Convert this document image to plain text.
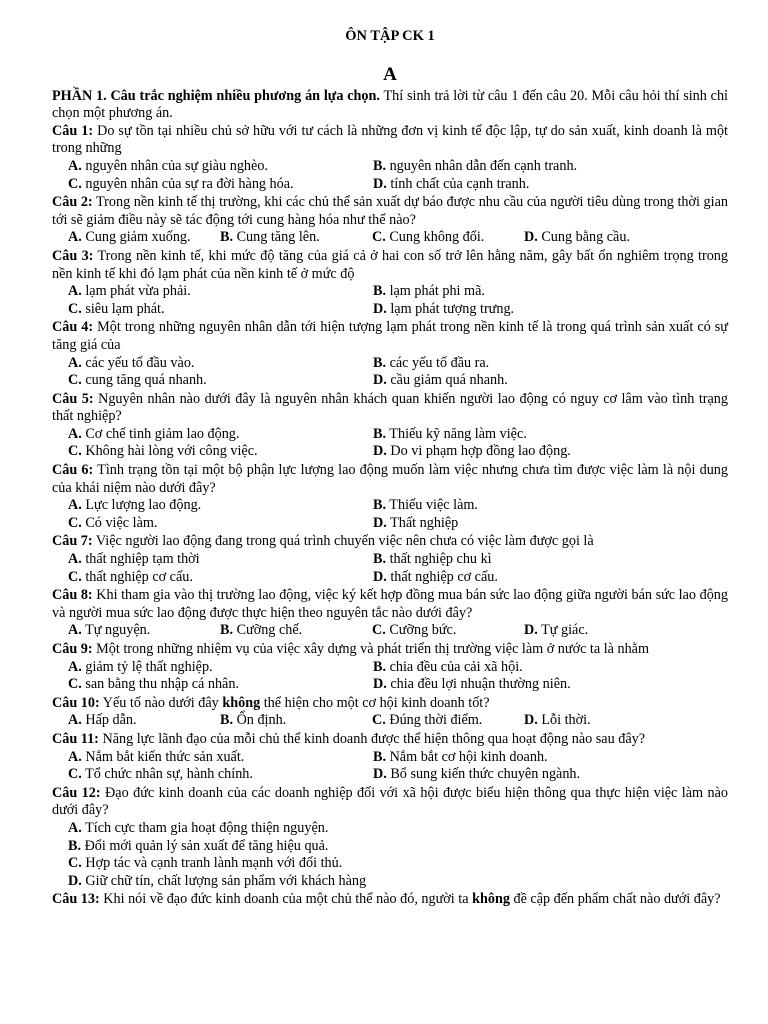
ÔN TẬP CK 1
A

PHẦN 1. Câu trắc nghiệm nhiều phương án lựa chọn. Thí sinh trả lời từ câu 1 đến câu 20. Mỗi câu hỏi thí sinh chỉ chọn một phương án.

Câu 1: Do sự tồn tại nhiều chủ sở hữu với tư cách là những đơn vị kinh tế độc lập, tự do sản xuất, kinh doanh là một trong những

A. nguyên nhân của sự giàu nghèo.	B. nguyên nhân dẫn đến cạnh tranh.
C. nguyên nhân của sự ra đời hàng hóa.	D. tính chất của cạnh tranh.

Câu 2: Trong nền kinh tế thị trường, khi các chủ thể sản xuất dự báo được nhu cầu của người tiêu dùng trong thời gian tới sẽ giảm điều này sẽ tác động tới cung hàng hóa như thế nào?

A. Cung giảm xuống.	B. Cung tăng lên.	C. Cung không đổi.	D. Cung bằng cầu.

Câu 3: Trong nền kinh tế, khi mức độ tăng của giá cả ở hai con số trở lên hằng năm, gây bất ổn nghiêm trọng trong nền kinh tế khi đó lạm phát của nền kinh tế ở mức độ

A. lạm phát vừa phải.	B. lạm phát phi mã.
C. siêu lạm phát.	D. lạm phát tượng trưng.

Câu 4: Một trong những nguyên nhân dẫn tới hiện tượng lạm phát trong nền kinh tế là trong quá trình sản xuất có sự tăng giá của

A. các yếu tố đầu vào.	B. các yếu tố đầu ra.
C. cung tăng quá nhanh.	D. cầu giảm quá nhanh.

Câu 5: Nguyên nhân nào dưới đây là nguyên nhân khách quan khiến người lao động có nguy cơ lâm vào tình trạng thất nghiệp?

A. Cơ chế tinh giảm lao động.	B. Thiếu kỹ năng làm việc.
C. Không hài lòng với công việc.	D. Do vi phạm hợp đồng lao động.

Câu 6: Tình trạng tồn tại một bộ phận lực lượng lao động muốn làm việc nhưng chưa tìm được việc làm là nội dung của khái niệm nào dưới đây?

A. Lực lượng lao động.	B. Thiếu việc làm.
C. Có việc làm.	D. Thất nghiệp

Câu 7: Việc người lao động đang trong quá trình chuyển việc nên chưa có việc làm được gọi là

A. thất nghiệp tạm thời	B. thất nghiệp chu kì
C. thất nghiệp cơ cấu.	D. thất nghiệp cơ cấu.

Câu 8: Khi tham gia vào thị trường lao động, việc ký kết hợp đồng mua bán sức lao động giữa người bán sức lao động và người mua sức lao động được thực hiện theo nguyên tắc nào dưới đây?

A. Tự nguyện.	B. Cưỡng chế.	C. Cưỡng bức.	D. Tự giác.

Câu 9: Một trong những nhiệm vụ của việc xây dựng và phát triển thị trường việc làm ở nước ta là nhằm

A. giảm tỷ lệ thất nghiệp.	B. chia đều của cải xã hội.
C. san bằng thu nhập cá nhân.	D. chia đều lợi nhuận thường niên.

Câu 10: Yếu tố nào dưới đây không thể hiện cho một cơ hội kinh doanh tốt?

A. Hấp dẫn.	B. Ổn định.	C. Đúng thời điểm.	D. Lỗi thời.

Câu 11: Năng lực lãnh đạo của mỗi chủ thể kinh doanh được thể hiện thông qua hoạt động nào sau đây?

A. Nắm bắt kiến thức sản xuất.	B. Nắm bắt cơ hội kinh doanh.
C. Tổ chức nhân sự, hành chính.	D. Bổ sung kiến thức chuyên ngành.

Câu 12: Đạo đức kinh doanh của các doanh nghiệp đối với xã hội được biểu hiện thông qua thực hiện việc làm nào dưới đây?

A. Tích cực tham gia hoạt động thiện nguyện.
B. Đổi mới quản lý sản xuất để tăng hiệu quả.
C. Hợp tác và cạnh tranh lành mạnh với đối thủ.
D. Giữ chữ tín, chất lượng sản phẩm với khách hàng

Câu 13: Khi nói về đạo đức kinh doanh của một chủ thể nào đó, người ta không đề cập đến phẩm chất nào dưới đây?
